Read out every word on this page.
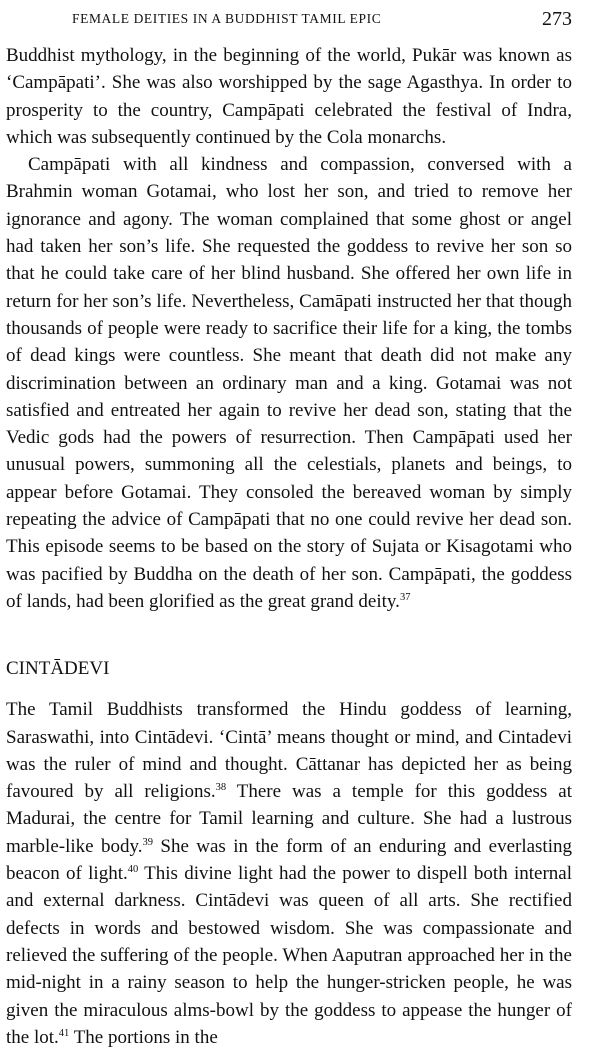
FEMALE DEITIES IN A BUDDHIST TAMIL EPIC	273

Buddhist mythology, in the beginning of the world, Pukār was known as ‘Campāpati’. She was also worshipped by the sage Agasthya. In order to prosperity to the country, Campāpati celebrated the festival of Indra, which was subsequently continued by the Cola monarchs.

Campāpati with all kindness and compassion, conversed with a Brahmin woman Gotamai, who lost her son, and tried to remove her ignorance and agony. The woman complained that some ghost or angel had taken her son’s life. She requested the goddess to revive her son so that he could take care of her blind husband. She offered her own life in return for her son’s life. Nevertheless, Camāpati instructed her that though thousands of people were ready to sacrifice their life for a king, the tombs of dead kings were countless. She meant that death did not make any discrimination between an ordinary man and a king. Gotamai was not satisfied and entreated her again to revive her dead son, stating that the Vedic gods had the powers of resurrection. Then Campāpati used her unusual powers, summoning all the celestials, planets and beings, to appear before Gotamai. They consoled the bereaved woman by simply repeating the advice of Campāpati that no one could revive her dead son. This episode seems to be based on the story of Sujata or Kisagotami who was pacified by Buddha on the death of her son. Campāpati, the goddess of lands, had been glorified as the great grand deity.$^{37}$

CINTĀDEVI

The Tamil Buddhists transformed the Hindu goddess of learning, Saraswathi, into Cintādevi. ‘Cintā’ means thought or mind, and Cintadevi was the ruler of mind and thought. Cāttanar has depicted her as being favoured by all religions.$^{38}$ There was a temple for this goddess at Madurai, the centre for Tamil learning and culture. She had a lustrous marble-like body.$^{39}$ She was in the form of an enduring and everlasting beacon of light.$^{40}$ This divine light had the power to dispell both internal and external darkness. Cintādevi was queen of all arts. She rectified defects in words and bestowed wisdom. She was compassionate and relieved the suffering of the people. When Aaputran approached her in the mid-night in a rainy season to help the hunger-stricken people, he was given the miraculous alms-bowl by the goddess to appease the hunger of the lot.$^{41}$ The portions in the
